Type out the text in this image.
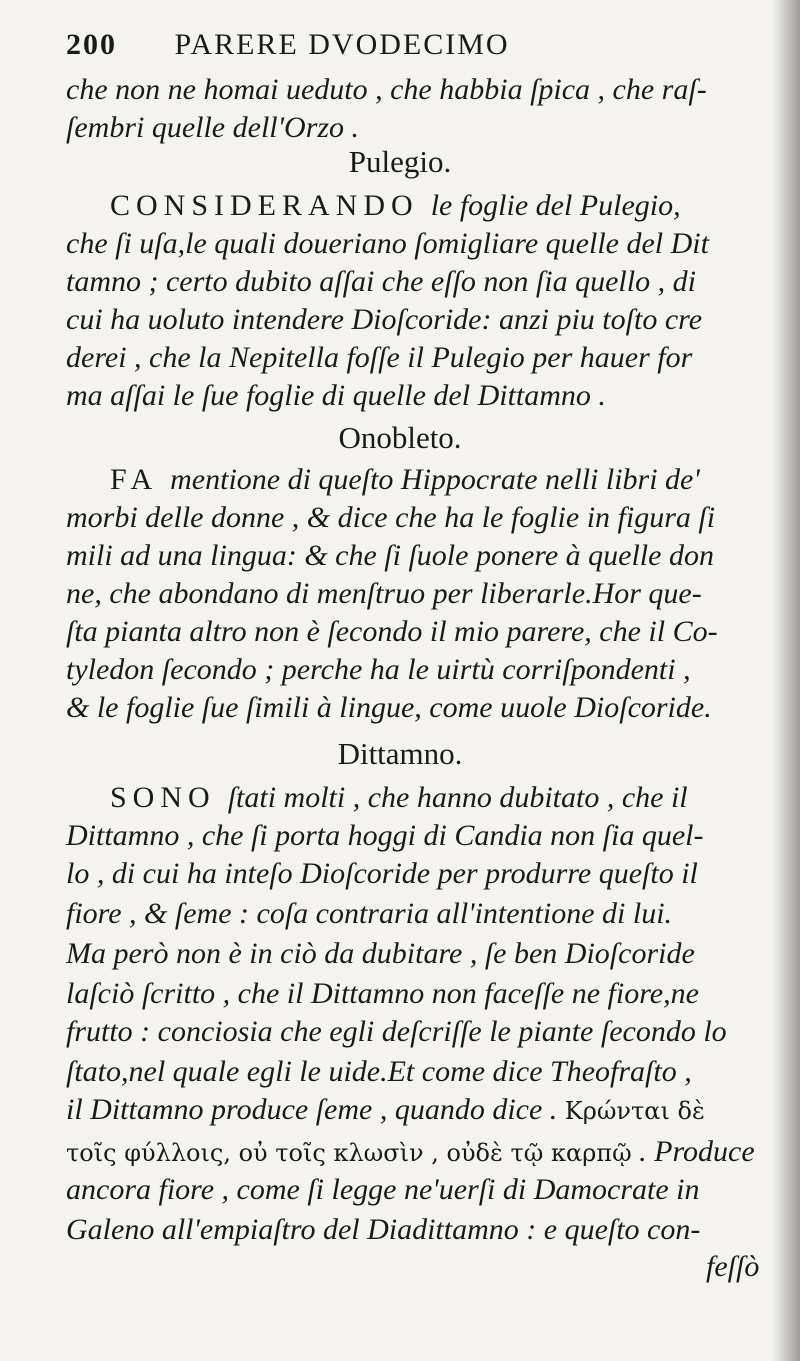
200 PARERE DVODECIMO
che non ne homai ueduto , che habbia ſpica , che raſ-
ſembri quelle dell'Orzo .
Pulegio.
CONSIDERANDO le foglie del Pulegio,
che ſi uſa,le quali doueriano ſomigliare quelle del Dit
tamno ; certo dubito aſſai che eſſo non ſia quello , di
cui ha uoluto intendere Dioſcoride: anzi piu toſto cre
derei , che la Nepitella foſſe il Pulegio per hauer for
ma aſſai le ſue foglie di quelle del Dittamno .
Onobleto.
FA mentione di queſto Hippocrate nelli libri de'
morbi delle donne , & dice che ha le foglie in figura ſi
mili ad una lingua: & che ſi ſuole ponere à quelle don
ne, che abondano di menſtruo per liberarle.Hor que-
ſta pianta altro non è ſecondo il mio parere, che il Co-
tyledon ſecondo ; perche ha le uirtù corriſpondenti ,
& le foglie ſue ſimili à lingue, come uuole Dioſcoride.
Dittamno.
SONO ſtati molti , che hanno dubitato , che il
Dittamno , che ſi porta hoggi di Candia non ſia quel-
lo , di cui ha inteſo Dioſcoride per produrre queſto il
fiore , & ſeme : coſa contraria all'intentione di lui.
Ma però non è in ciò da dubitare , ſe ben Dioſcoride
laſciò ſcritto , che il Dittamno non faceſſe ne fiore,ne
frutto : conciosia che egli deſcriſſe le piante ſecondo lo
ſtato,nel quale egli le uide.Et come dice Theofraſto ,
il Dittamno produce ſeme , quando dice . Κρώνται δὲ
τοῖς φύλλοις, οὐ τοῖς κλωσὶν , οὐδὲ τῷ καρπῷ . Produce
ancora fiore , come ſi legge ne'uerſi di Damocrate in
Galeno all'empiaſtro del Diadittamno : e queſto con-
feſſò
